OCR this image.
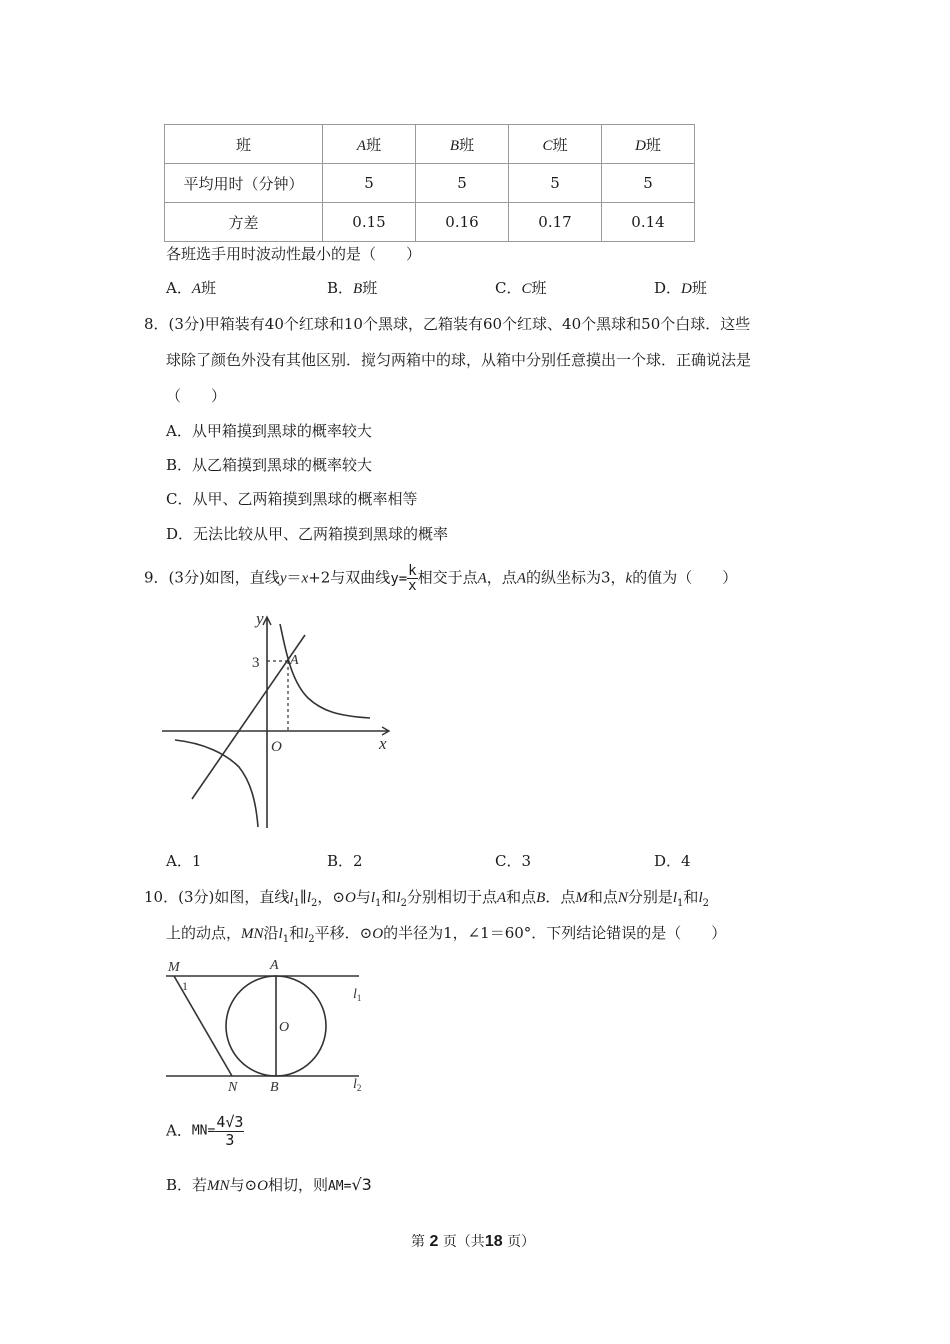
班	A班	B班	C班	D班
平均用时（分钟）	5	5	5	5
方差	0.15	0.16	0.17	0.14
各班选手用时波动性最小的是（　　）
A．A班	B．B班	C．C班	D．D班
8．(3分)甲箱装有40个红球和10个黑球，乙箱装有60个红球、40个黑球和50个白球．这些
球除了颜色外没有其他区别．搅匀两箱中的球，从箱中分别任意摸出一个球．正确说法是
（　　）
A．从甲箱摸到黑球的概率较大
B．从乙箱摸到黑球的概率较大
C．从甲、乙两箱摸到黑球的概率相等
D．无法比较从甲、乙两箱摸到黑球的概率
9．(3分)如图，直线y＝x+2与双曲线$y= \frac{k}{x}$ 相交于点A，点A的纵坐标为3，k的值为（　　）
y
x
O
A
3
A．1	B．2	C．3	D．4
10．(3分)如图，直线$l_1\parallel l_2$，⊙O与$l_1$和$l_2$分别相切于点A和点B．点M和点N分别是$l_1$和$l_2$
上的动点，MN沿$l_1$和$l_2$平移．⊙O的半径为1，∠1＝60°．下列结论错误的是（　　）
M
1
A
$l_1$
O
N B	$l_2$
A．$MN= \frac{4√3}{3}$
B．若MN与⊙O相切，则AM=√3
第 2 页（共18 页）
